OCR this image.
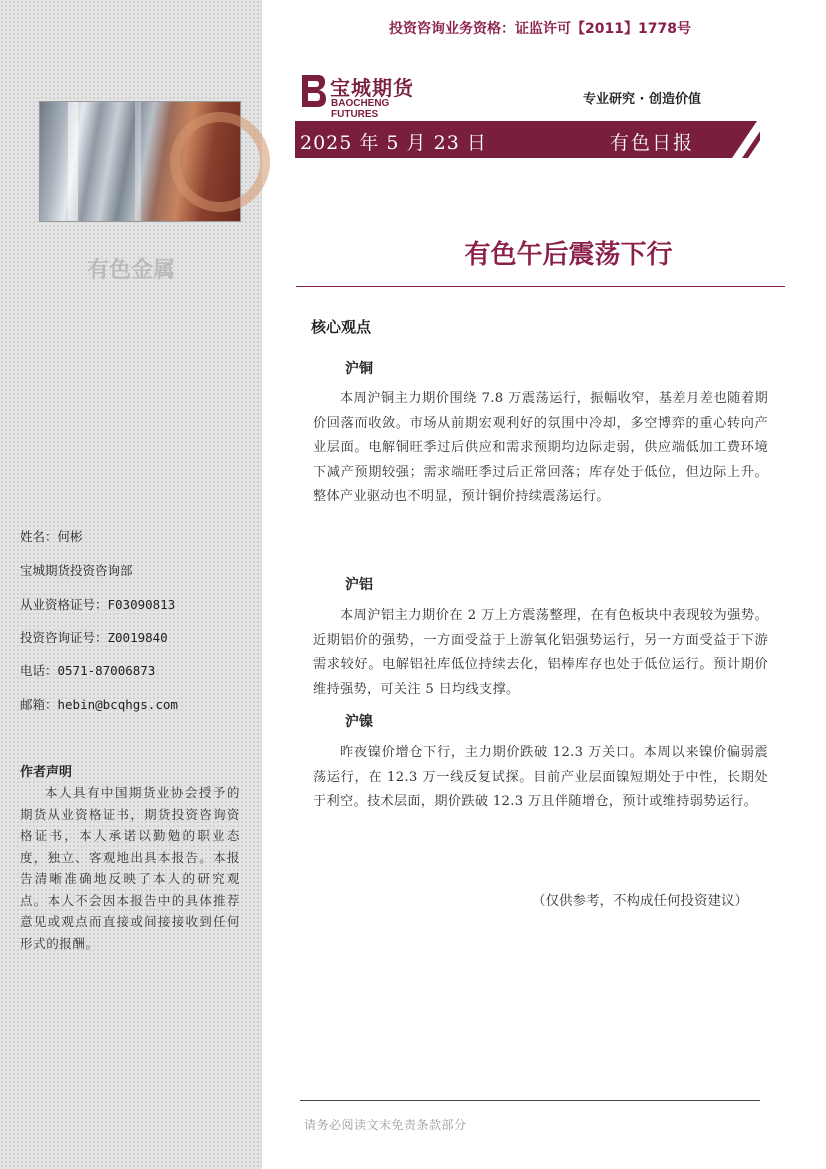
有色金属
姓名：何彬
宝城期货投资咨询部
从业资格证号：F03090813
投资咨询证号：Z0019840
电话：0571-87006873
邮箱：hebin@bcqhgs.com
作者声明
本人具有中国期货业协会授予的期货从业资格证书，期货投资咨询资格证书，本人承诺以勤勉的职业态度，独立、客观地出具本报告。本报告清晰准确地反映了本人的研究观点。本人不会因本报告中的具体推荐意见或观点而直接或间接接收到任何形式的报酬。
投资咨询业务资格：证监许可【2011】1778号
宝城期货
BAOCHENG FUTURES
专业研究 · 创造价值
2025 年 5 月 23 日	有色日报
有色午后震荡下行
核心观点
沪铜
本周沪铜主力期价围绕 7.8 万震荡运行，振幅收窄，基差月差也随着期价回落而收敛。市场从前期宏观利好的氛围中冷却，多空博弈的重心转向产业层面。电解铜旺季过后供应和需求预期均边际走弱，供应端低加工费环境下减产预期较强；需求端旺季过后正常回落；库存处于低位，但边际上升。整体产业驱动也不明显，预计铜价持续震荡运行。
沪铝
本周沪铝主力期价在 2 万上方震荡整理，在有色板块中表现较为强势。近期铝价的强势，一方面受益于上游氧化铝强势运行，另一方面受益于下游需求较好。电解铝社库低位持续去化，铝棒库存也处于低位运行。预计期价维持强势，可关注 5 日均线支撑。
沪镍
昨夜镍价增仓下行，主力期价跌破 12.3 万关口。本周以来镍价偏弱震荡运行，在 12.3 万一线反复试探。目前产业层面镍短期处于中性，长期处于利空。技术层面，期价跌破 12.3 万且伴随增仓，预计或维持弱势运行。
（仅供参考，不构成任何投资建议）
请务必阅读文末免责条款部分
